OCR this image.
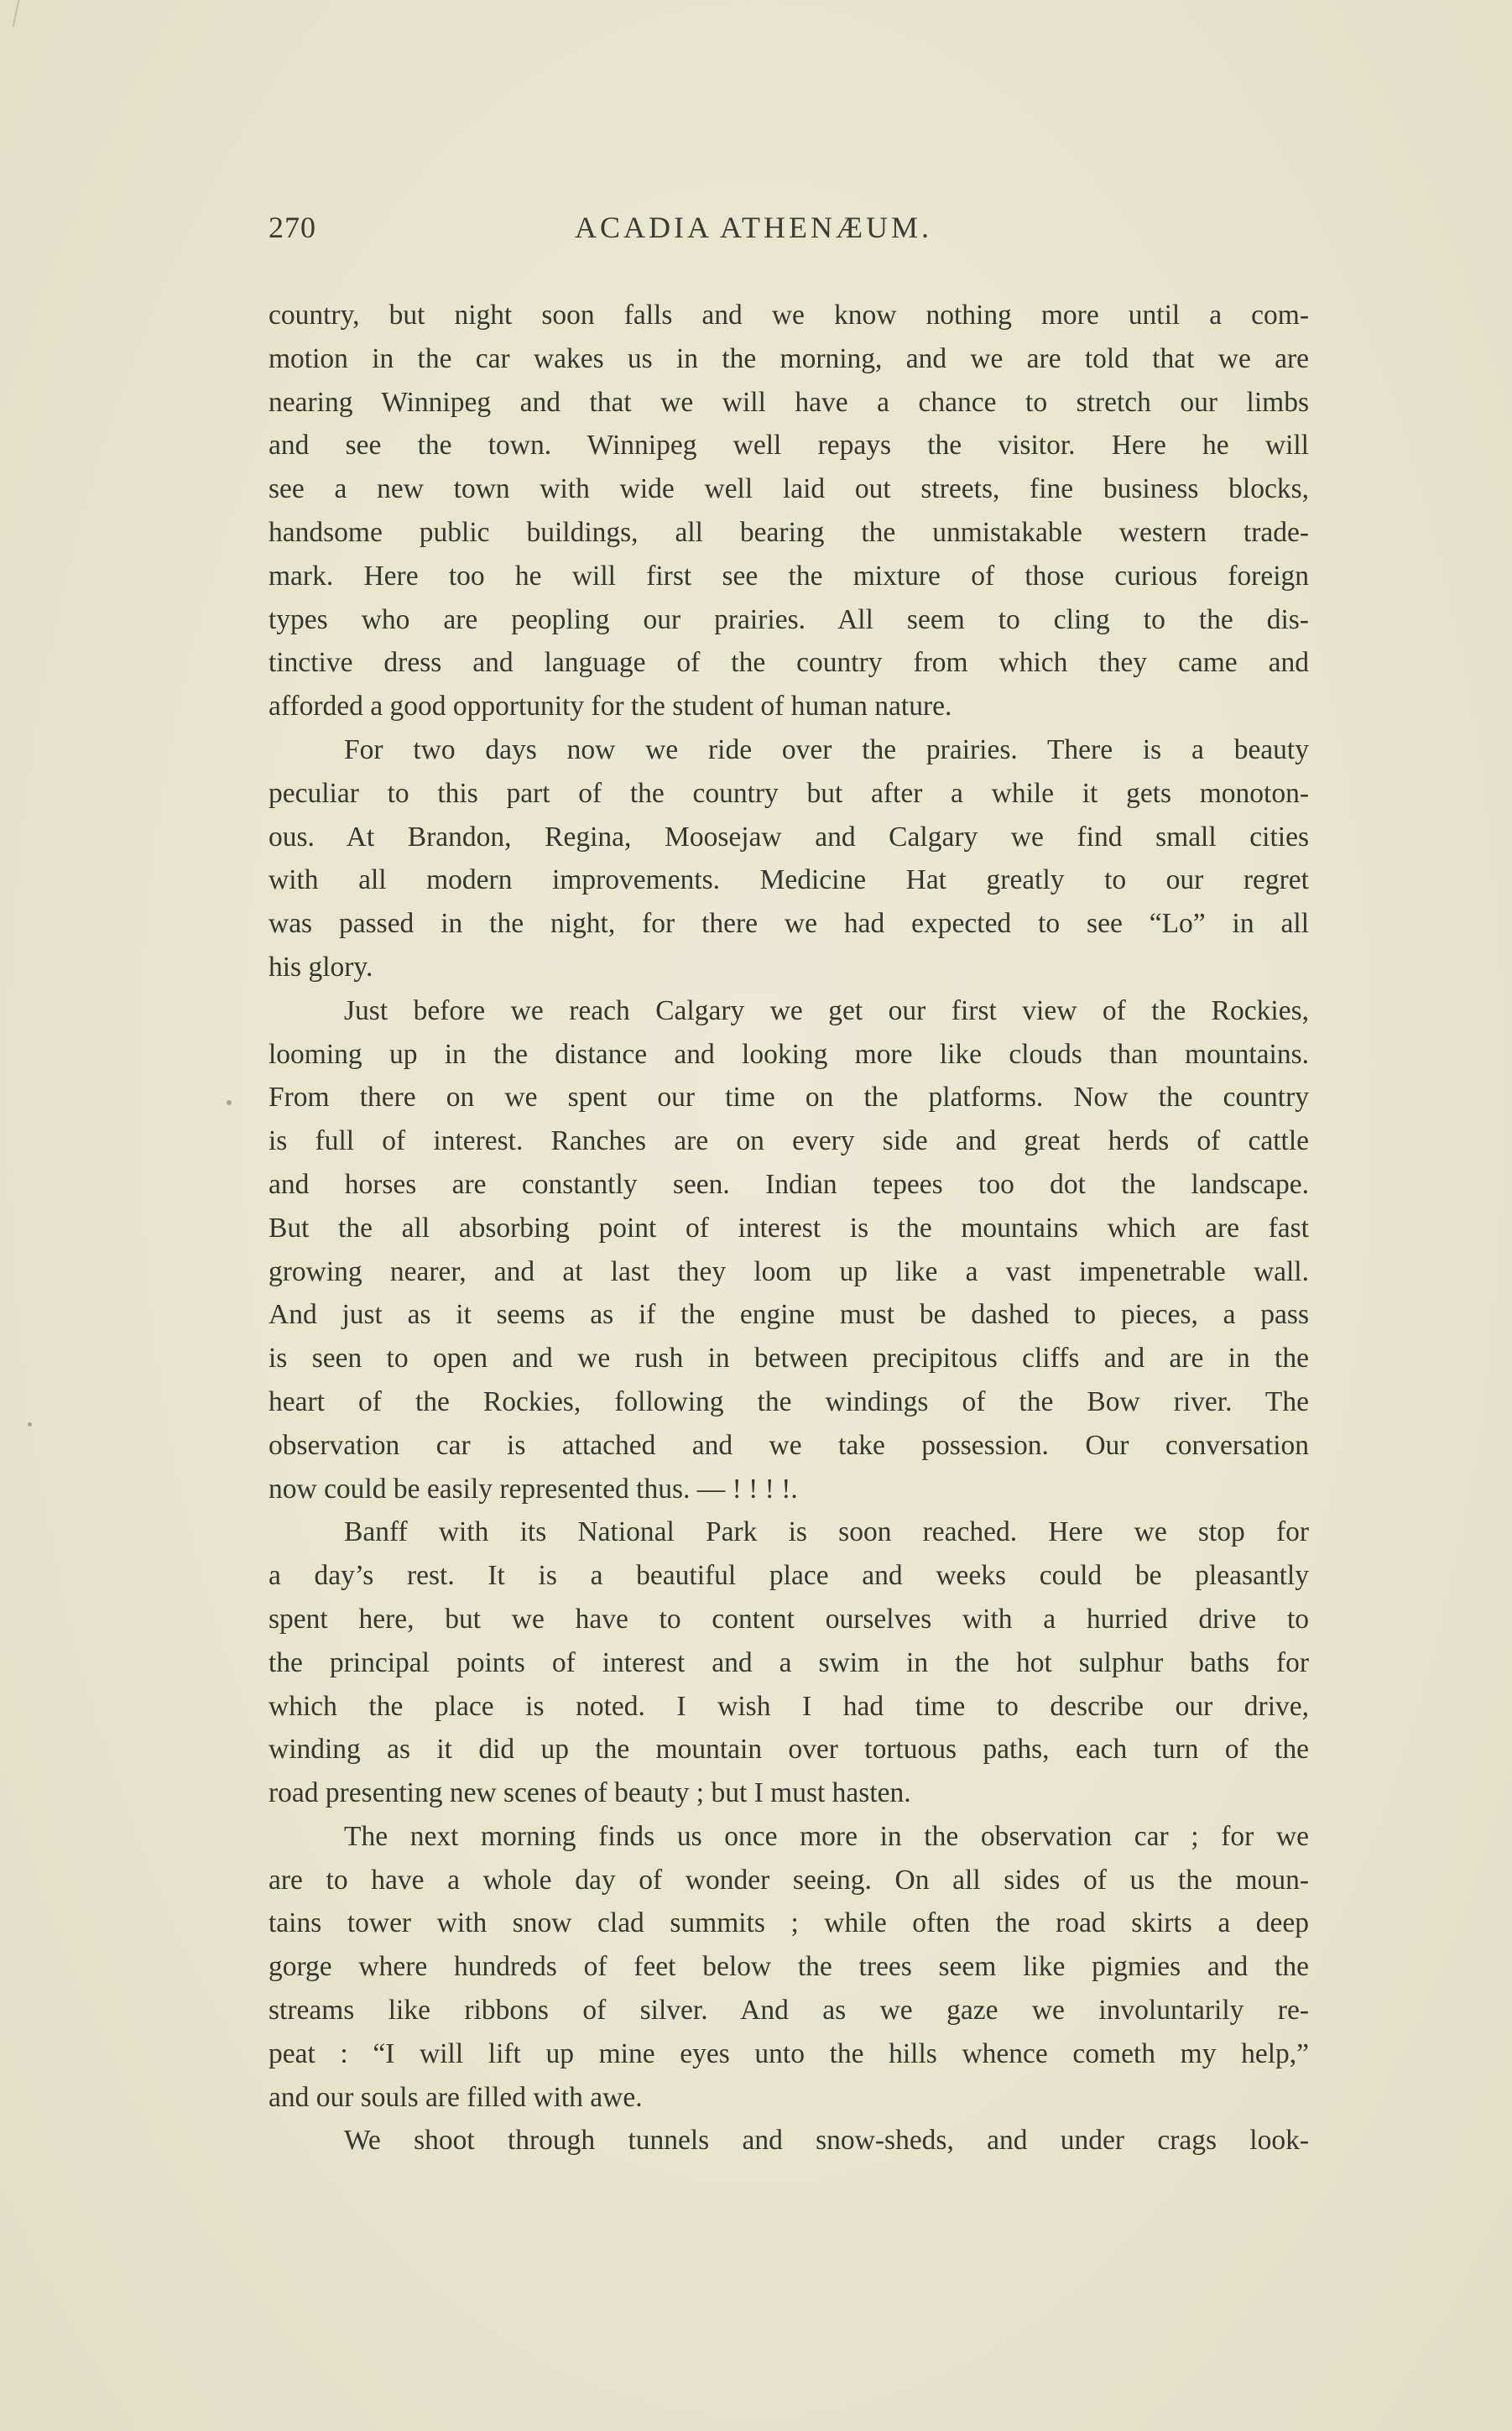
270	ACADIA ATHENÆUM.

country, but night soon falls and we know nothing more until a com-

motion in the car wakes us in the morning, and we are told that we are

nearing Winnipeg and that we will have a chance to stretch our limbs

and see the town. Winnipeg well repays the visitor. Here he will

see a new town with wide well laid out streets, fine business blocks,

handsome public buildings, all bearing the unmistakable western trade-

mark. Here too he will first see the mixture of those curious foreign

types who are peopling our prairies. All seem to cling to the dis-

tinctive dress and language of the country from which they came and

afforded a good opportunity for the student of human nature.

For two days now we ride over the prairies. There is a beauty

peculiar to this part of the country but after a while it gets monoton-

ous. At Brandon, Regina, Moosejaw and Calgary we find small cities

with all modern improvements. Medicine Hat greatly to our regret

was passed in the night, for there we had expected to see “Lo” in all

his glory.

Just before we reach Calgary we get our first view of the Rockies,

looming up in the distance and looking more like clouds than mountains.

From there on we spent our time on the platforms. Now the country

is full of interest. Ranches are on every side and great herds of cattle

and horses are constantly seen. Indian tepees too dot the landscape.

But the all absorbing point of interest is the mountains which are fast

growing nearer, and at last they loom up like a vast impenetrable wall.

And just as it seems as if the engine must be dashed to pieces, a pass

is seen to open and we rush in between precipitous cliffs and are in the

heart of the Rockies, following the windings of the Bow river. The

observation car is attached and we take possession. Our conversation

now could be easily represented thus. — ! ! ! !.

Banff with its National Park is soon reached. Here we stop for

a day’s rest. It is a beautiful place and weeks could be pleasantly

spent here, but we have to content ourselves with a hurried drive to

the principal points of interest and a swim in the hot sulphur baths for

which the place is noted. I wish I had time to describe our drive,

winding as it did up the mountain over tortuous paths, each turn of the

road presenting new scenes of beauty ; but I must hasten.

The next morning finds us once more in the observation car ; for we

are to have a whole day of wonder seeing. On all sides of us the moun-

tains tower with snow clad summits ; while often the road skirts a deep

gorge where hundreds of feet below the trees seem like pigmies and the

streams like ribbons of silver. And as we gaze we involuntarily re-

peat : “I will lift up mine eyes unto the hills whence cometh my help,”

and our souls are filled with awe.

We shoot through tunnels and snow-sheds, and under crags look-
